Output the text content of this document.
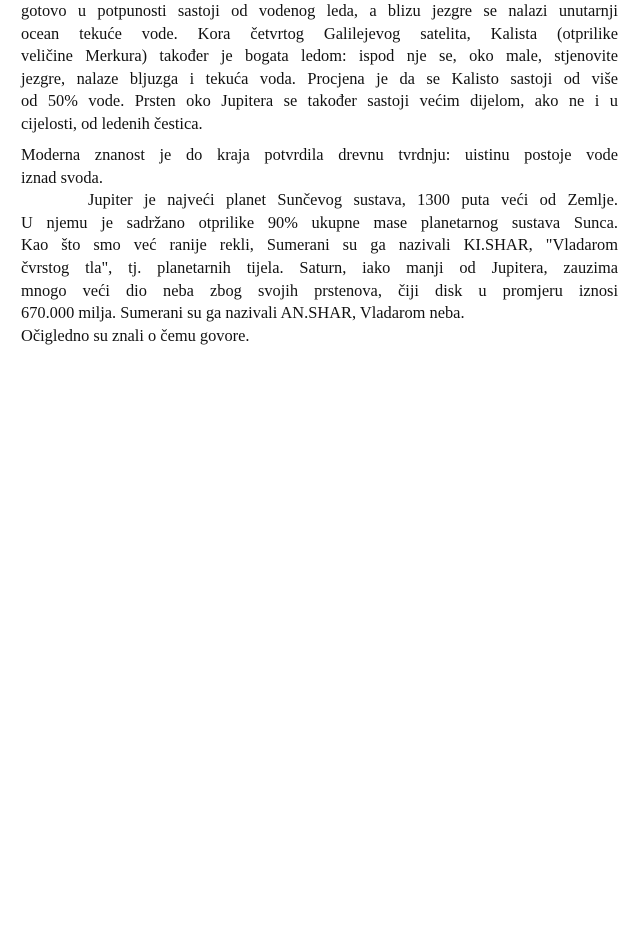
gotovo u potpunosti sastoji od vodenog leda, a blizu jezgre se nalazi unutarnji
ocean tekuće vode. Kora četvrtog Galilejevog satelita, Kalista (otprilike
veličine Merkura) također je bogata ledom: ispod nje se, oko male, stjenovite
jezgre, nalaze bljuzga i tekuća voda. Procjena je da se Kalisto sastoji od više
od 50% vode. Prsten oko Jupitera se također sastoji većim dijelom, ako ne i u
cijelosti, od ledenih čestica.
Moderna znanost je do kraja potvrdila drevnu tvrdnju: uistinu postoje vode
iznad svoda.
Jupiter je najveći planet Sunčevog sustava, 1300 puta veći od Zemlje.
U njemu je sadržano otprilike 90% ukupne mase planetarnog sustava Sunca.
Kao što smo već ranije rekli, Sumerani su ga nazivali KI.SHAR, "Vladarom
čvrstog tla", tj. planetarnih tijela. Saturn, iako manji od Jupitera, zauzima
mnogo veći dio neba zbog svojih prstenova, čiji disk u promjeru iznosi
670.000 milja. Sumerani su ga nazivali AN.SHAR, Vladarom neba.
Očigledno su znali o čemu govore.
